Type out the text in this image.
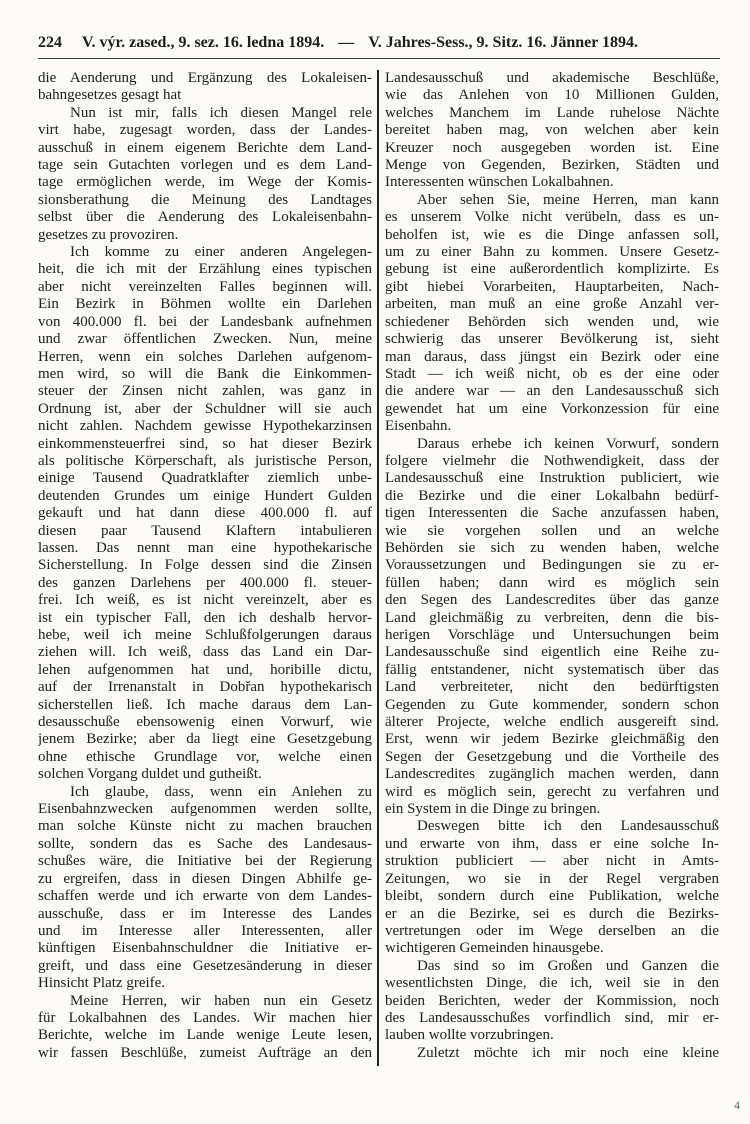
224 V. výr. zased., 9. sez. 16. ledna 1894. — V. Jahres-Sess., 9. Sitz. 16. Jänner 1894.
die Aenderung und Ergänzung des Lokaleisen-
bahngesetzes gesagt hat
Nun ist mir, falls ich diesen Mangel rele
virt habe, zugesagt worden, dass der Landes-
ausschuß in einem eigenem Berichte dem Land-
tage sein Gutachten vorlegen und es dem Land-
tage ermöglichen werde, im Wege der Komis-
sionsberathung die Meinung des Landtages
selbst über die Aenderung des Lokaleisenbahn-
gesetzes zu provoziren.
Ich komme zu einer anderen Angelegen-
heit, die ich mit der Erzählung eines typischen
aber nicht vereinzelten Falles beginnen will.
Ein Bezirk in Böhmen wollte ein Darlehen
von 400.000 fl. bei der Landesbank aufnehmen
und zwar öffentlichen Zwecken. Nun, meine
Herren, wenn ein solches Darlehen aufgenom-
men wird, so will die Bank die Einkommen-
steuer der Zinsen nicht zahlen, was ganz in
Ordnung ist, aber der Schuldner will sie auch
nicht zahlen. Nachdem gewisse Hypothekarzinsen
einkommensteuerfrei sind, so hat dieser Bezirk
als politische Körperschaft, als juristische Person,
einige Tausend Quadratklafter ziemlich unbe-
deutenden Grundes um einige Hundert Gulden
gekauft und hat dann diese 400.000 fl. auf
diesen paar Tausend Klaftern intabulieren
lassen. Das nennt man eine hypothekarische
Sicherstellung. In Folge dessen sind die Zinsen
des ganzen Darlehens per 400.000 fl. steuer-
frei. Ich weiß, es ist nicht vereinzelt, aber es
ist ein typischer Fall, den ich deshalb hervor-
hebe, weil ich meine Schlußfolgerungen daraus
ziehen will. Ich weiß, dass das Land ein Dar-
lehen aufgenommen hat und, horibille dictu,
auf der Irrenanstalt in Dobřan hypothekarisch
sicherstellen ließ. Ich mache daraus dem Lan-
desausschuße ebensowenig einen Vorwurf, wie
jenem Bezirke; aber da liegt eine Gesetzgebung
ohne ethische Grundlage vor, welche einen
solchen Vorgang duldet und gutheißt.
Ich glaube, dass, wenn ein Anlehen zu
Eisenbahnzwecken aufgenommen werden sollte,
man solche Künste nicht zu machen brauchen
sollte, sondern das es Sache des Landesaus-
schußes wäre, die Initiative bei der Regierung
zu ergreifen, dass in diesen Dingen Abhilfe ge-
schaffen werde und ich erwarte von dem Landes-
ausschuße, dass er im Interesse des Landes
und im Interesse aller Interessenten, aller
künftigen Eisenbahnschuldner die Initiative er-
greift, und dass eine Gesetzesänderung in dieser
Hinsicht Platz greife.
Meine Herren, wir haben nun ein Gesetz
für Lokalbahnen des Landes. Wir machen hier
Berichte, welche im Lande wenige Leute lesen,
wir fassen Beschlüße, zumeist Aufträge an den
Landesausschuß und akademische Beschlüße,
wie das Anlehen von 10 Millionen Gulden,
welches Manchem im Lande ruhelose Nächte
bereitet haben mag, von welchen aber kein
Kreuzer noch ausgegeben worden ist. Eine
Menge von Gegenden, Bezirken, Städten und
Interessenten wünschen Lokalbahnen.
Aber sehen Sie, meine Herren, man kann
es unserem Volke nicht verübeln, dass es un-
beholfen ist, wie es die Dinge anfassen soll,
um zu einer Bahn zu kommen. Unsere Gesetz-
gebung ist eine außerordentlich komplizirte. Es
gibt hiebei Vorarbeiten, Hauptarbeiten, Nach-
arbeiten, man muß an eine große Anzahl ver-
schiedener Behörden sich wenden und, wie
schwierig das unserer Bevölkerung ist, sieht
man daraus, dass jüngst ein Bezirk oder eine
Stadt — ich weiß nicht, ob es der eine oder
die andere war — an den Landesausschuß sich
gewendet hat um eine Vorkonzession für eine
Eisenbahn.
Daraus erhebe ich keinen Vorwurf, sondern
folgere vielmehr die Nothwendigkeit, dass der
Landesausschuß eine Instruktion publiciert, wie
die Bezirke und die einer Lokalbahn bedürf-
tigen Interessenten die Sache anzufassen haben,
wie sie vorgehen sollen und an welche
Behörden sie sich zu wenden haben, welche
Voraussetzungen und Bedingungen sie zu er-
füllen haben; dann wird es möglich sein
den Segen des Landescredites über das ganze
Land gleichmäßig zu verbreiten, denn die bis-
herigen Vorschläge und Untersuchungen beim
Landesausschuße sind eigentlich eine Reihe zu-
fällig entstandener, nicht systematisch über das
Land verbreiteter, nicht den bedürftigsten
Gegenden zu Gute kommender, sondern schon
älterer Projecte, welche endlich ausgereift sind.
Erst, wenn wir jedem Bezirke gleichmäßig den
Segen der Gesetzgebung und die Vortheile des
Landescredites zugänglich machen werden, dann
wird es möglich sein, gerecht zu verfahren und
ein System in die Dinge zu bringen.
Deswegen bitte ich den Landesausschuß
und erwarte von ihm, dass er eine solche In-
struktion publiciert — aber nicht in Amts-
Zeitungen, wo sie in der Regel vergraben
bleibt, sondern durch eine Publikation, welche
er an die Bezirke, sei es durch die Bezirks-
vertretungen oder im Wege derselben an die
wichtigeren Gemeinden hinausgebe.
Das sind so im Großen und Ganzen die
wesentlichsten Dinge, die ich, weil sie in den
beiden Berichten, weder der Kommission, noch
des Landesausschußes vorfindlich sind, mir er-
lauben wollte vorzubringen.
Zuletzt möchte ich mir noch eine kleine
4
